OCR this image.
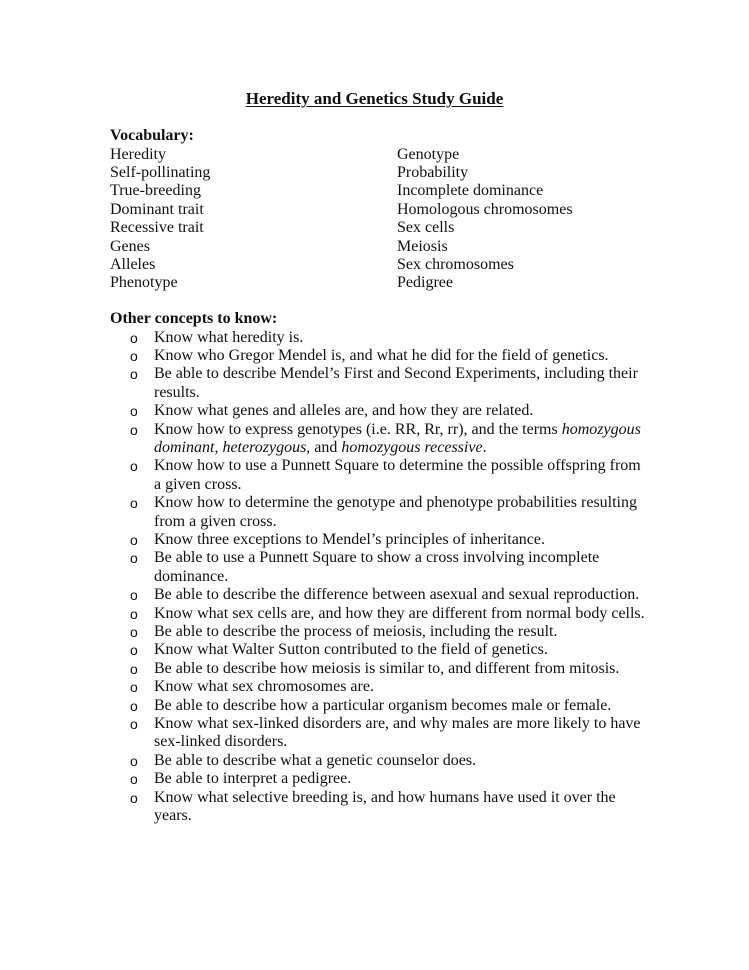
Heredity and Genetics Study Guide
Vocabulary:
Heredity
Self-pollinating
True-breeding
Dominant trait
Recessive trait
Genes
Alleles
Phenotype
Genotype
Probability
Incomplete dominance
Homologous chromosomes
Sex cells
Meiosis
Sex chromosomes
Pedigree
Other concepts to know:
o	Know what heredity is.
o	Know who Gregor Mendel is, and what he did for the field of genetics.
o	Be able to describe Mendel’s First and Second Experiments, including their results.
o	Know what genes and alleles are, and how they are related.
o	Know how to express genotypes (i.e. RR, Rr, rr), and the terms homozygous dominant, heterozygous, and homozygous recessive.
o	Know how to use a Punnett Square to determine the possible offspring from a given cross.
o	Know how to determine the genotype and phenotype probabilities resulting from a given cross.
o	Know three exceptions to Mendel’s principles of inheritance.
o	Be able to use a Punnett Square to show a cross involving incomplete dominance.
o	Be able to describe the difference between asexual and sexual reproduction.
o	Know what sex cells are, and how they are different from normal body cells.
o	Be able to describe the process of meiosis, including the result.
o	Know what Walter Sutton contributed to the field of genetics.
o	Be able to describe how meiosis is similar to, and different from mitosis.
o	Know what sex chromosomes are.
o	Be able to describe how a particular organism becomes male or female.
o	Know what sex-linked disorders are, and why males are more likely to have sex-linked disorders.
o	Be able to describe what a genetic counselor does.
o	Be able to interpret a pedigree.
o	Know what selective breeding is, and how humans have used it over the years.
